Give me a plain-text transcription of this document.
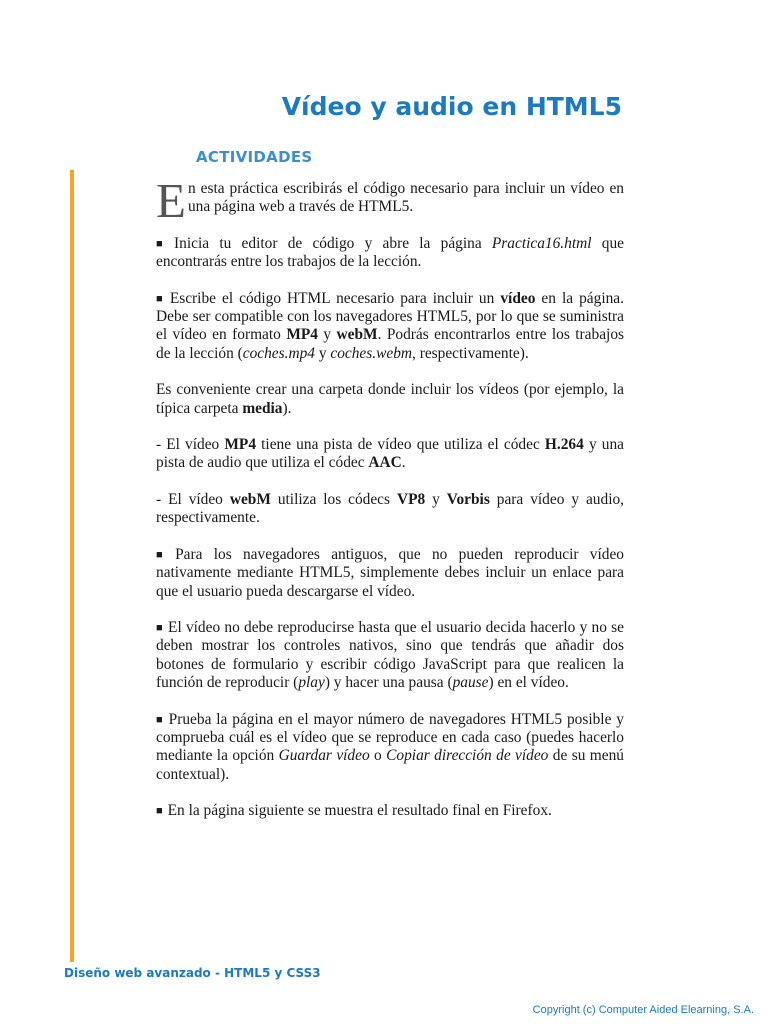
Vídeo y audio en HTML5
ACTIVIDADES

En esta práctica escribirás el código necesario para incluir un vídeo en una página web a través de HTML5.

■ Inicia tu editor de código y abre la página Practica16.html que encontrarás entre los trabajos de la lección.

■ Escribe el código HTML necesario para incluir un vídeo en la página. Debe ser compatible con los navegadores HTML5, por lo que se suministra el vídeo en formato MP4 y webM. Podrás encontrarlos entre los trabajos de la lección (coches.mp4 y coches.webm, respectivamente).

Es conveniente crear una carpeta donde incluir los vídeos (por ejemplo, la típica carpeta media).

- El vídeo MP4 tiene una pista de vídeo que utiliza el códec H.264 y una pista de audio que utiliza el códec AAC.

- El vídeo webM utiliza los códecs VP8 y Vorbis para vídeo y audio, respectivamente.

■ Para los navegadores antiguos, que no pueden reproducir vídeo nativamente mediante HTML5, simplemente debes incluir un enlace para que el usuario pueda descargarse el vídeo.

■ El vídeo no debe reproducirse hasta que el usuario decida hacerlo y no se deben mostrar los controles nativos, sino que tendrás que añadir dos botones de formulario y escribir código JavaScript para que realicen la función de reproducir (play) y hacer una pausa (pause) en el vídeo.

■ Prueba la página en el mayor número de navegadores HTML5 posible y comprueba cuál es el vídeo que se reproduce en cada caso (puedes hacerlo mediante la opción Guardar vídeo o Copiar dirección de vídeo de su menú contextual).

■ En la página siguiente se muestra el resultado final en Firefox.

Diseño web avanzado - HTML5 y CSS3
Copyright (c) Computer Aided Elearning, S.A.
